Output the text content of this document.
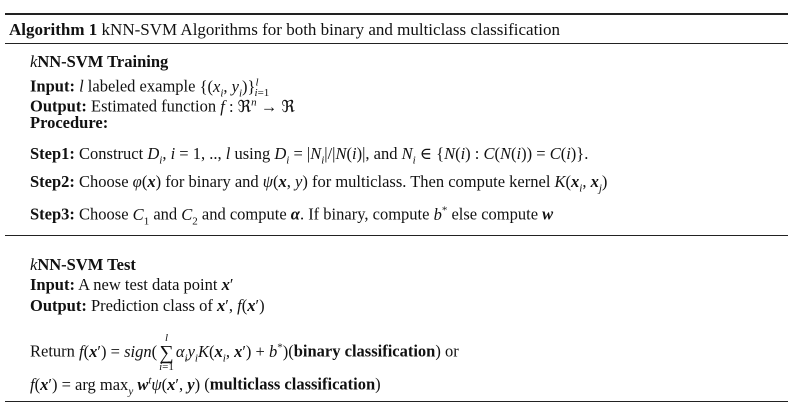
Algorithm 1 kNN-SVM Algorithms for both binary and multiclass classification
kNN-SVM Training
Input: l labeled example {($x_i$, $y_i)\}^l_{i=1}$
Output: Estimated function f : ℜ$^n$ → ℜ
Procedure:
Step1: Construct $D_i$, i = 1, .., l using $D_i = |N_i|/|N(i)|$, and $N_i$ ∈ {N(i) : C(N(i)) = C(i)}.
Step2: Choose φ(x) for binary and ψ(x, y) for multiclass. Then compute kernel $K(x_i$, $x_j$)
Step3: Choose $C_1$ and $C_2$ and compute α. If binary, compute b* else compute w
kNN-SVM Test
Input: A new test data point x′
Output: Prediction class of x′, f(x′)
Return f(x′) = sign(
l
∑
i=1
$\alpha_iy_iK(x_i$, x′) + b*)(binary classification) or
f(x′) = arg $\max_y w^t\psi(x'$, y) (multiclass classification)
